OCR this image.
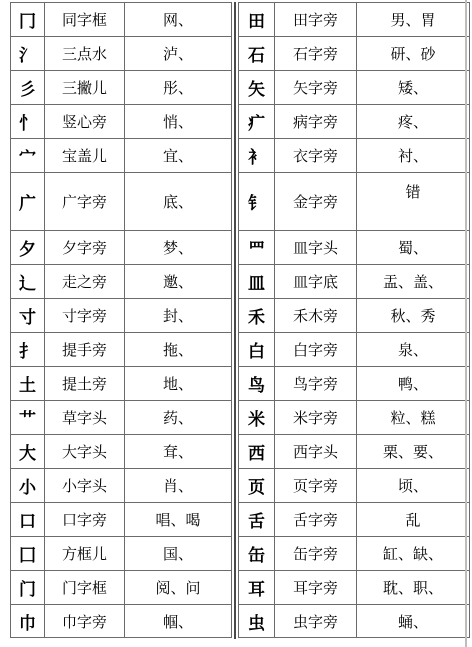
冂	同字框	网、
氵	三点水	泸、
彡	三撇儿	彤、
忄	竖心旁	悄、
宀	宝盖儿	宜、
广	广字旁	底、
夕	夕字旁	梦、
辶	走之旁	邀、
寸	寸字旁	封、
扌	提手旁	拖、
土	提土旁	地、
艹	草字头	药、
大	大字头	耷、
小	小字头	肖、
口	口字旁	唱、喝
囗	方框儿	国、
门	门字框	阅、问
巾	巾字旁	帼、
田	田字旁	男、胃
石	石字旁	研、砂
矢	矢字旁	矮、
疒	病字旁	疼、
衤	衣字旁	衬、
钅	金字旁	错
罒	皿字头	蜀、
皿	皿字底	盂、盖、
禾	禾木旁	秋、秀
白	白字旁	泉、
鸟	鸟字旁	鸭、
米	米字旁	粒、糕
西	西字头	栗、要、
页	页字旁	顷、
舌	舌字旁	乱
缶	缶字旁	缸、缺、
耳	耳字旁	耽、职、
虫	虫字旁	蛹、
